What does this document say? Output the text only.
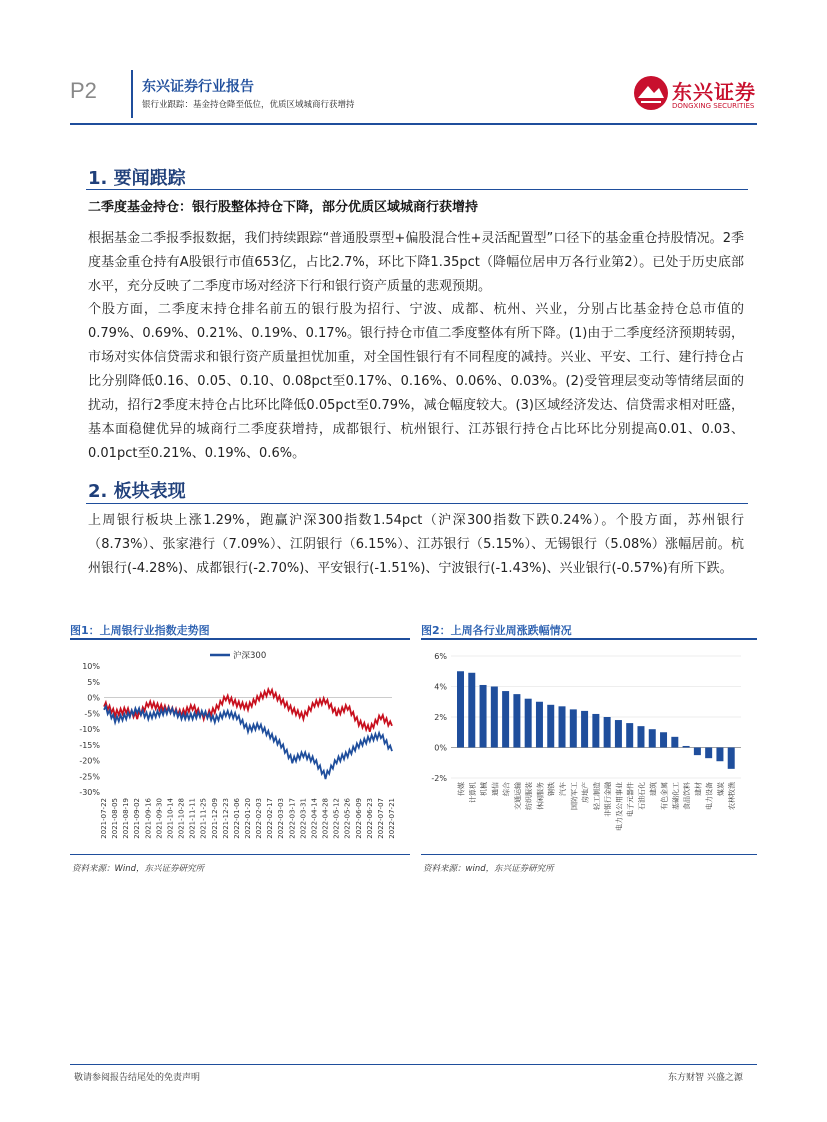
P2	东兴证券行业报告
银行业跟踪：基金持仓降至低位，优质区域城商行获增持
东兴证券
DONGXING SECURITIES
1. 要闻跟踪
二季度基金持仓：银行股整体持仓下降，部分优质区域城商行获增持
根据基金二季报季报数据，我们持续跟踪“普通股票型+偏股混合性+灵活配置型”口径下的基金重仓持股情况。2季度基金重仓持有A股银行市值653亿，占比2.7%，环比下降1.35pct（降幅位居申万各行业第2）。已处于历史底部水平，充分反映了二季度市场对经济下行和银行资产质量的悲观预期。
个股方面，二季度末持仓排名前五的银行股为招行、宁波、成都、杭州、兴业，分别占比基金持仓总市值的0.79%、0.69%、0.21%、0.19%、0.17%。银行持仓市值二季度整体有所下降。(1)由于二季度经济预期转弱，市场对实体信贷需求和银行资产质量担忧加重，对全国性银行有不同程度的减持。兴业、平安、工行、建行持仓占比分别降低0.16、0.05、0.10、0.08pct至0.17%、0.16%、0.06%、0.03%。(2)受管理层变动等情绪层面的扰动，招行2季度末持仓占比环比降低0.05pct至0.79%，减仓幅度较大。(3)区域经济发达、信贷需求相对旺盛，基本面稳健优异的城商行二季度获增持，成都银行、杭州银行、江苏银行持仓占比环比分别提高0.01、0.03、0.01pct至0.21%、0.19%、0.6%。
2. 板块表现
上周银行板块上涨1.29%，跑赢沪深300指数1.54pct（沪深300指数下跌0.24%）。个股方面，苏州银行（8.73%）、张家港行（7.09%）、江阴银行（6.15%）、江苏银行（5.15%）、无锡银行（5.08%）涨幅居前。杭州银行(-4.28%)、成都银行(-2.70%)、平安银行(-1.51%)、宁波银行(-1.43%)、兴业银行(-0.57%)有所下跌。
图1：上周银行业指数走势图
10%
5%
0%
-5%
-10%
-15%
-20%
-25%
-30%
2021-07-22 2021-08-05 2021-08-19 2021-09-02 2021-09-16 2021-09-30 2021-10-14 2021-10-28 2021-11-11 2021-11-25 2021-12-09 2021-12-23 2022-01-06 2022-01-20 2022-02-03 2022-02-17 2022-03-03 2022-03-17 2022-03-31 2022-04-14 2022-04-28 2022-05-12 2022-05-26 2022-06-09 2022-06-23 2022-07-07 2022-07-21
沪深300
资料来源：Wind，东兴证券研究所
图2：上周各行业周涨跌幅情况
6%
4%
2%
0%
-2%
传媒 计算机 机械 通信 综合 交通运输 纺织服装 休闲服务 钢铁 汽车 国防军工 房地产 轻工制造 非银行金融 电力及公用事业 电子元器件 石油石化 建筑 有色金属 基础化工 食品饮料 建材 电力设备 煤炭 农林牧渔
资料来源：wind，东兴证券研究所
敬请参阅报告结尾处的免责声明	东方财智 兴盛之源
